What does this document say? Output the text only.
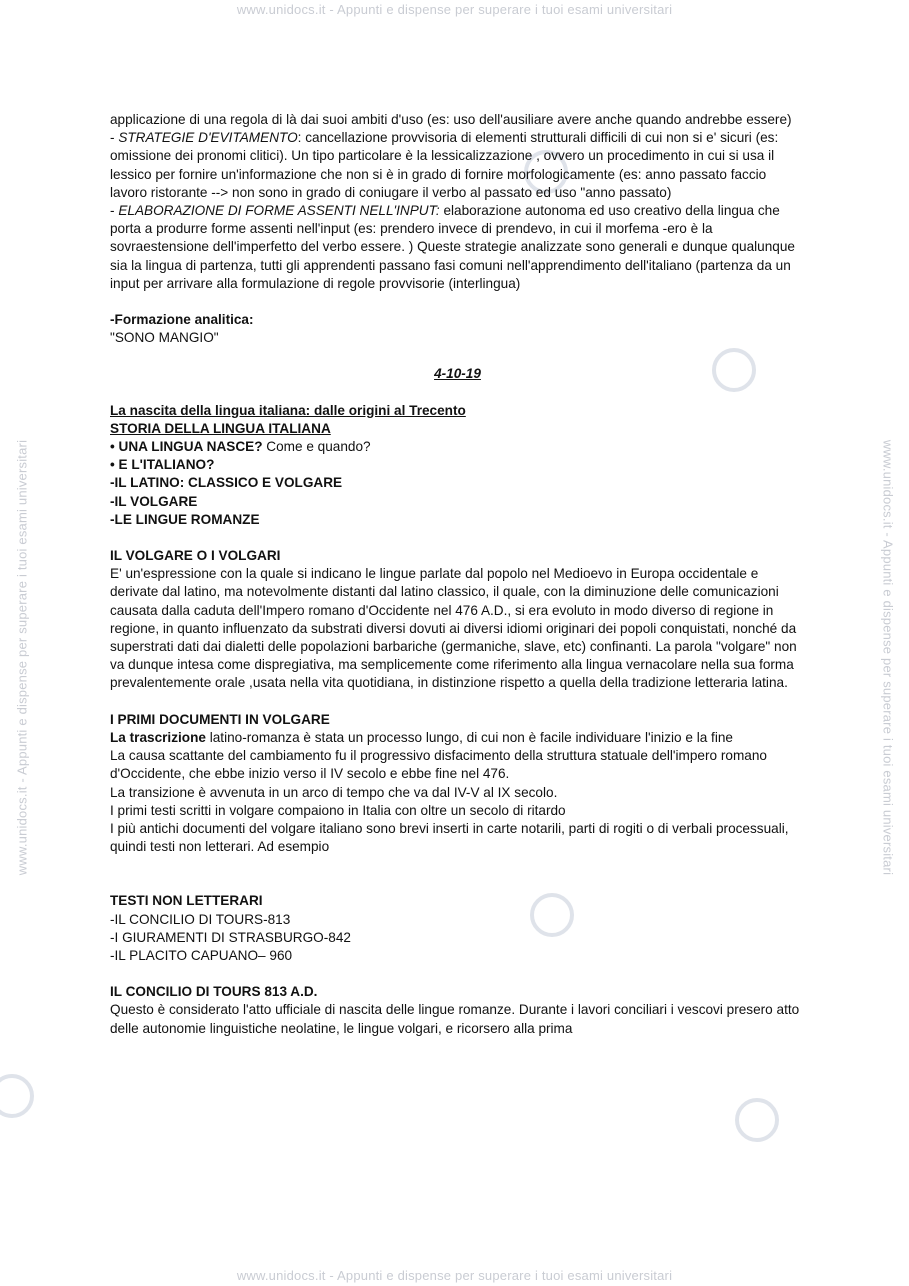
www.unidocs.it - Appunti e dispense per superare i tuoi esami universitari
www.unidocs.it - Appunti e dispense per superare i tuoi esami universitari
www.unidocs.it - Appunti e dispense per superare i tuoi esami universitari	www.unidocs.it - Appunti e dispense per superare i tuoi esami universitari

applicazione di una regola di là dai suoi ambiti d'uso (es: uso dell'ausiliare avere anche quando andrebbe essere)

- STRATEGIE D'EVITAMENTO: cancellazione provvisoria di elementi strutturali difficili di cui non si e' sicuri (es: omissione dei pronomi clitici). Un tipo particolare è la lessicalizzazione , ovvero un procedimento in cui si usa il lessico per fornire un'informazione che non si è in grado di fornire morfologicamente (es: anno passato faccio lavoro ristorante --> non sono in grado di coniugare il verbo al passato ed uso "anno passato)

- ELABORAZIONE DI FORME ASSENTI NELL'INPUT: elaborazione autonoma ed uso creativo della lingua che porta a produrre forme assenti nell'input (es: prendero invece di prendevo, in cui il morfema -ero è la sovraestensione dell'imperfetto del verbo essere. ) Queste strategie analizzate sono generali e dunque qualunque sia la lingua di partenza, tutti gli apprendenti passano fasi comuni nell'apprendimento dell'italiano (partenza da un input per arrivare alla formulazione di regole provvisorie (interlingua)

-Formazione analitica:

"SONO MANGIO"

4-10-19

La nascita della lingua italiana: dalle origini al Trecento

STORIA DELLA LINGUA ITALIANA

• UNA LINGUA NASCE? Come e quando?

• E L'ITALIANO?

-IL LATINO: CLASSICO E VOLGARE

-IL VOLGARE

-LE LINGUE ROMANZE

IL VOLGARE O I VOLGARI

E' un'espressione con la quale si indicano le lingue parlate dal popolo nel Medioevo in Europa occidentale e derivate dal latino, ma notevolmente distanti dal latino classico, il quale, con la diminuzione delle comunicazioni causata dalla caduta dell'Impero romano d'Occidente nel 476 A.D., si era evoluto in modo diverso di regione in regione, in quanto influenzato da substrati diversi dovuti ai diversi idiomi originari dei popoli conquistati, nonché da superstrati dati dai dialetti delle popolazioni barbariche (germaniche, slave, etc) confinanti. La parola "volgare" non va dunque intesa come dispregiativa, ma semplicemente come riferimento alla lingua vernacolare nella sua forma prevalentemente orale ,usata nella vita quotidiana, in distinzione rispetto a quella della tradizione letteraria latina.

I PRIMI DOCUMENTI IN VOLGARE

La trascrizione latino-romanza è stata un processo lungo, di cui non è facile individuare l'inizio e la fine

La causa scattante del cambiamento fu il progressivo disfacimento della struttura statuale dell'impero romano d'Occidente, che ebbe inizio verso il IV secolo e ebbe fine nel 476.

La transizione è avvenuta in un arco di tempo che va dal IV-V al IX secolo.

I primi testi scritti in volgare compaiono in Italia con oltre un secolo di ritardo

I più antichi documenti del volgare italiano sono brevi inserti in carte notarili, parti di rogiti o di verbali processuali, quindi testi non letterari. Ad esempio

TESTI NON LETTERARI

-IL CONCILIO DI TOURS-813

-I GIURAMENTI DI STRASBURGO-842

-IL PLACITO CAPUANO– 960

IL CONCILIO DI TOURS 813 A.D.

Questo è considerato l'atto ufficiale di nascita delle lingue romanze. Durante i lavori conciliari i vescovi presero atto delle autonomie linguistiche neolatine, le lingue volgari, e ricorsero alla prima
